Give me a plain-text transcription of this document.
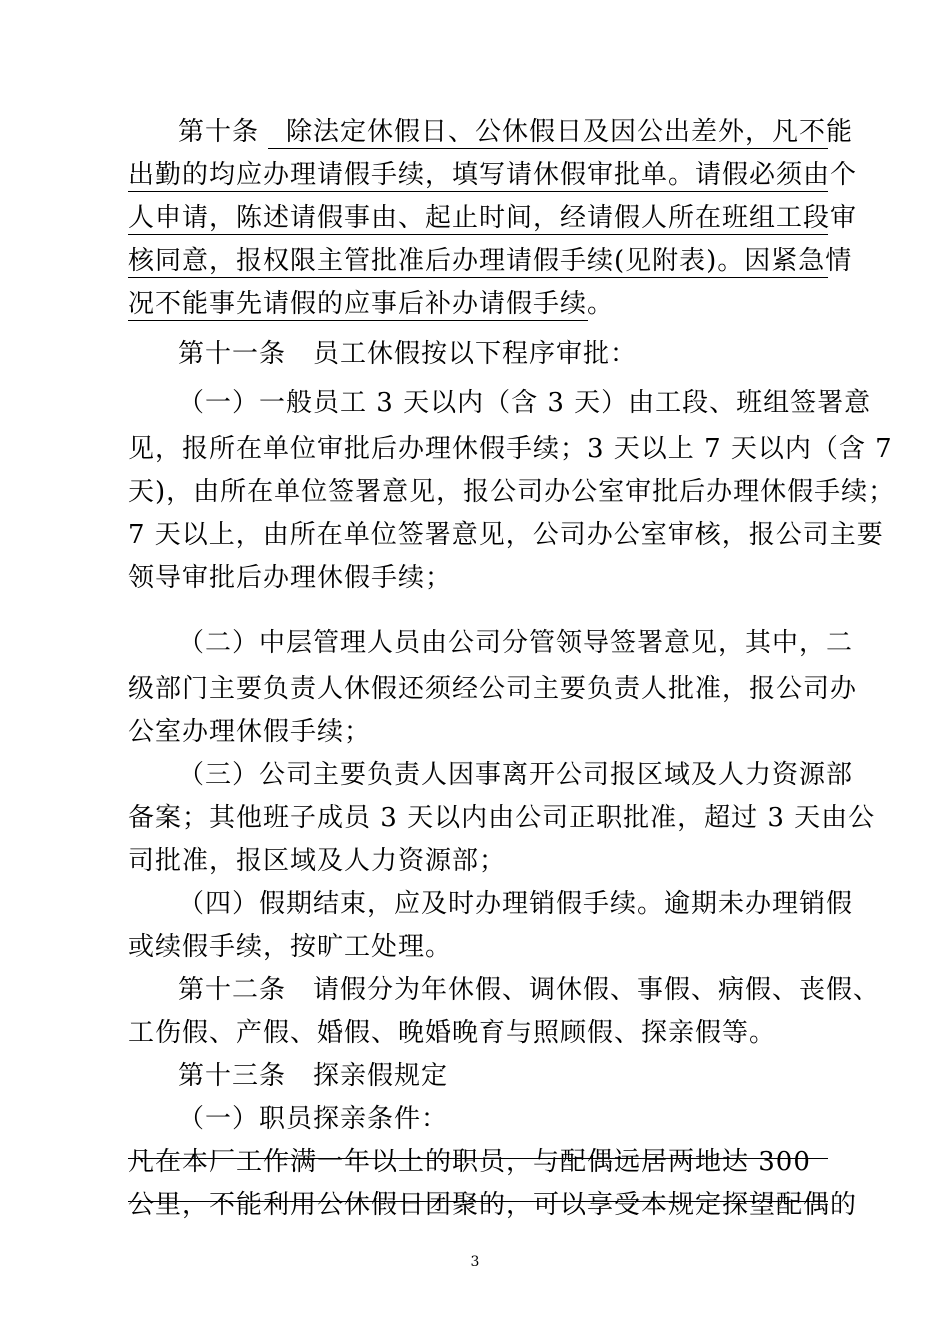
第十条　除法定休假日、公休假日及因公出差外，凡不能
出勤的均应办理请假手续，填写请休假审批单。请假必须由个
人申请，陈述请假事由、起止时间，经请假人所在班组工段审
核同意，报权限主管批准后办理请假手续(见附表)。因紧急情
况不能事先请假的应事后补办请假手续。
第十一条　员工休假按以下程序审批：
（一）一般员工 3 天以内（含 3 天）由工段、班组签署意
见，报所在单位审批后办理休假手续；3 天以上 7 天以内（含 7
天)，由所在单位签署意见，报公司办公室审批后办理休假手续；
7 天以上，由所在单位签署意见，公司办公室审核，报公司主要
领导审批后办理休假手续；
（二）中层管理人员由公司分管领导签署意见，其中，二
级部门主要负责人休假还须经公司主要负责人批准，报公司办
公室办理休假手续；
（三）公司主要负责人因事离开公司报区域及人力资源部
备案；其他班子成员 3 天以内由公司正职批准，超过 3 天由公
司批准，报区域及人力资源部；
（四）假期结束，应及时办理销假手续。逾期未办理销假
或续假手续，按旷工处理。
第十二条　请假分为年休假、调休假、事假、病假、丧假、
工伤假、产假、婚假、晚婚晚育与照顾假、探亲假等。
第十三条　探亲假规定
（一）职员探亲条件：
凡在本厂工作满一年以上的职员，与配偶远居两地达 300
公里，不能利用公休假日团聚的，可以享受本规定探望配偶的
3
